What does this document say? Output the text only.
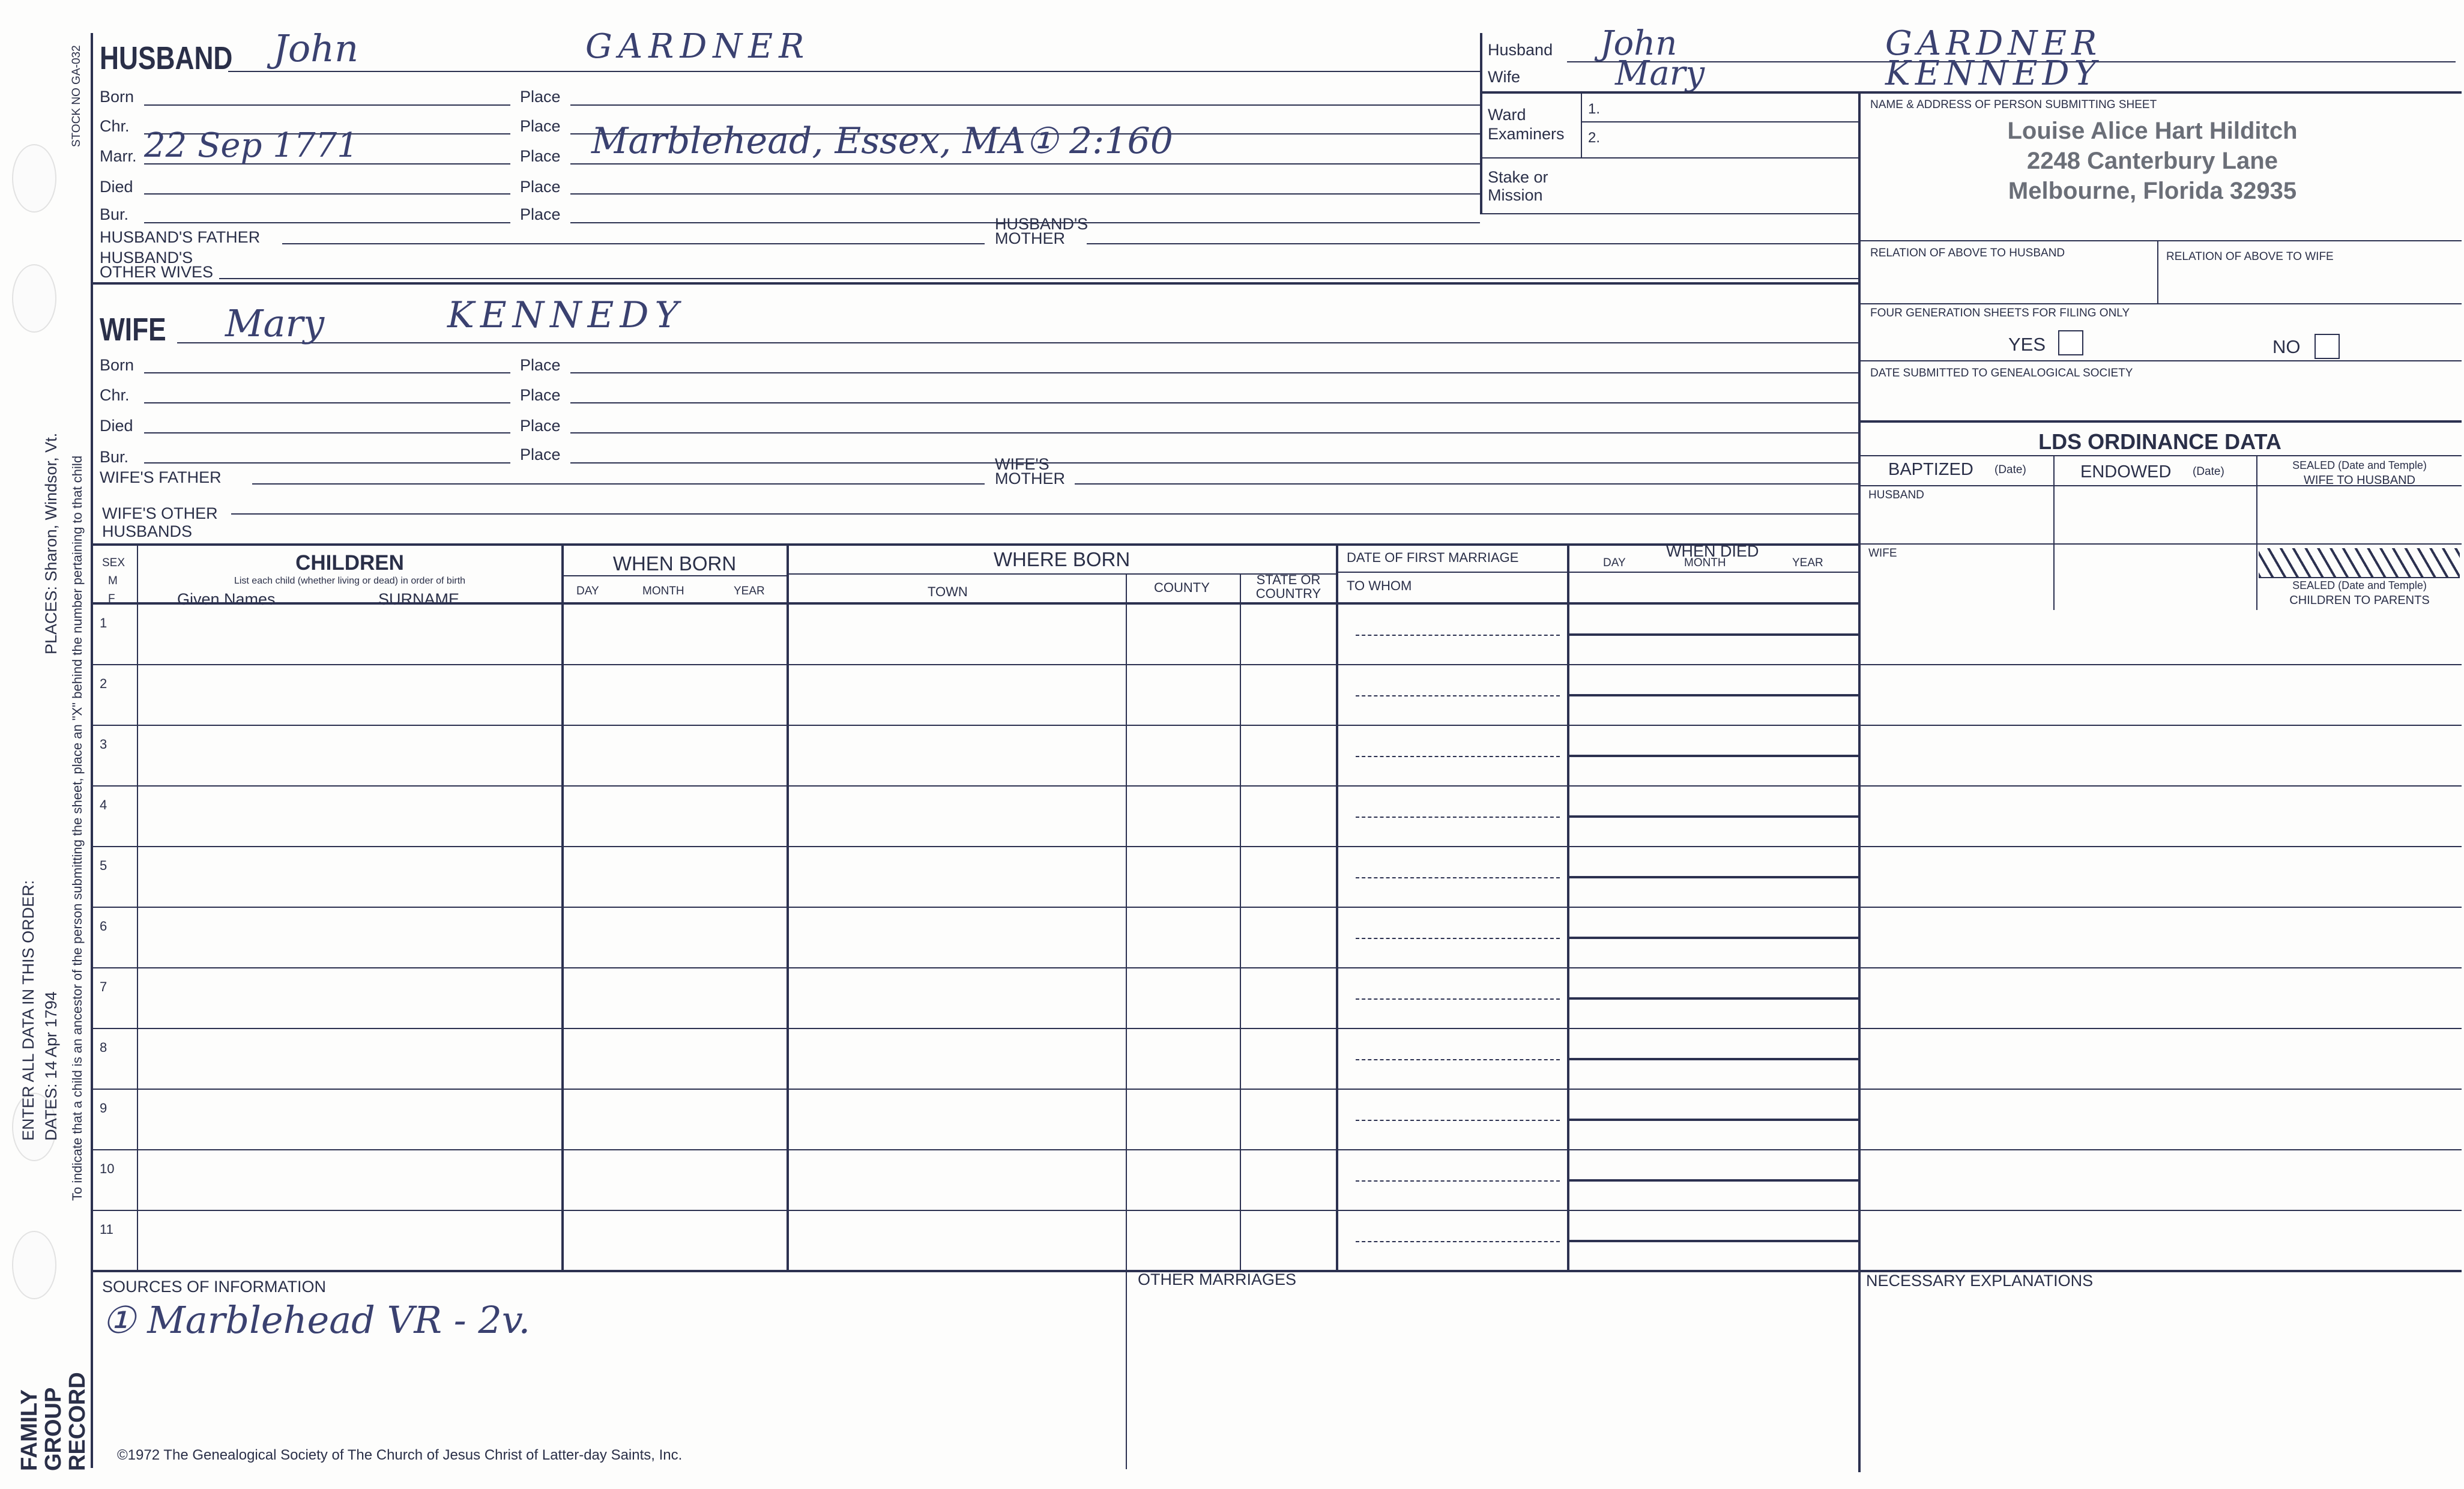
FAMILY
GROUP
RECORD
ENTER ALL DATA IN THIS ORDER: DATES: 14 Apr 1794
PLACES: Sharon, Windsor, Vt. To indicate that a child is an ancestor of the person submitting the sheet, place an "X" behind the number pertaining to that child
STOCK NO GA-032 HUSBAND John	GARDNER
Born	Place
Chr.	Place
Marr. 22 Sep 1771	Place Marblehead, Essex, MA① 2:160
Died	Place
Bur.	Place
HUSBAND'S FATHER
HUSBAND'S
MOTHER
HUSBAND'S
OTHER WIVES
Husband John	GARDNER
Wife	Mary	KENNEDY
Ward
Examiners
1.
2.
Stake or
Mission
NAME & ADDRESS OF PERSON SUBMITTING SHEET
Louise Alice Hart Hilditch
2248 Canterbury Lane
Melbourne, Florida 32935
RELATION OF ABOVE TO HUSBAND	RELATION OF ABOVE TO WIFE
FOUR GENERATION SHEETS FOR FILING ONLY
YES	NO
DATE SUBMITTED TO GENEALOGICAL SOCIETY
LDS ORDINANCE DATA
BAPTIZED (Date)	ENDOWED (Date)	SEALED (Date and Temple)
WIFE TO HUSBAND
HUSBAND
WIFE
SEALED (Date and Temple)
CHILDREN TO PARENTS
WIFE Mary	KENNEDY
Born	Place
Chr.	Place
Died	Place
Bur.	Place
WIFE'S FATHER
WIFE'S
MOTHER
WIFE'S OTHER
HUSBANDS
SEX
M
F
CHILDREN
List each child (whether living or dead) in order of birth
Given Names	SURNAME
WHEN BORN
DAY	MONTH	YEAR
WHERE BORN
TOWN	COUNTY
STATE OR
COUNTRY
DATE OF FIRST MARRIAGE
TO WHOM
WHEN DIED
DAY	MONTH	YEAR
1
2
3
4
5
6
7
8
9
10
11
SOURCES OF INFORMATION
① Marblehead VR - 2v.
OTHER MARRIAGES	NECESSARY EXPLANATIONS
©1972 The Genealogical Society of The Church of Jesus Christ of Latter-day Saints, Inc.
